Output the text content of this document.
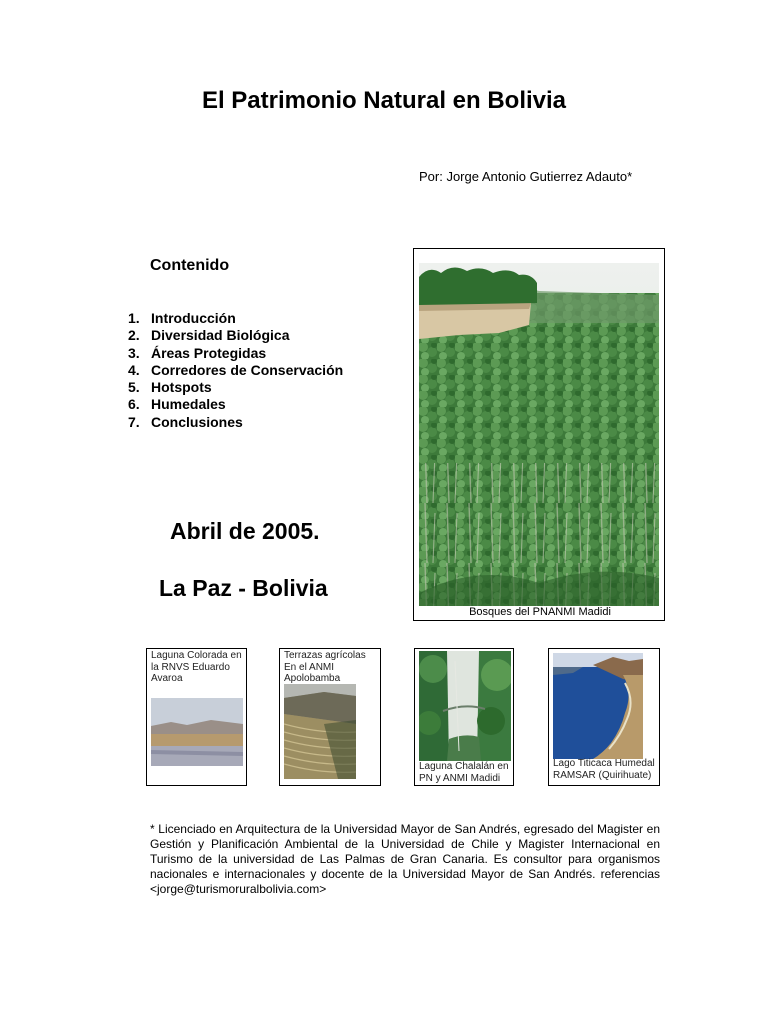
El Patrimonio Natural en Bolivia
Por: Jorge Antonio Gutierrez Adauto*
Contenido
1. Introducción
2. Diversidad Biológica
3. Áreas Protegidas
4. Corredores de Conservación
5. Hotspots
6. Humedales
7. Conclusiones
Abril de 2005.
La Paz - Bolivia
Bosques del PNANMI Madidi
Laguna Colorada en la RNVS Eduardo Avaroa
Terrazas agrícolas En el ANMI Apolobamba
Laguna Chalalán en PN y ANMI Madidi
Lago Titicaca Humedal RAMSAR (Quirihuate)

* Licenciado en Arquitectura de la Universidad Mayor de San Andrés, egresado del Magister en Gestión y Planificación Ambiental de la Universidad de Chile y Magister Internacional en Turismo de la universidad de Las Palmas de Gran Canaria. Es consultor para organismos nacionales e internacionales y docente de la Universidad Mayor de San Andrés. referencias <jorge@turismoruralbolivia.com>
